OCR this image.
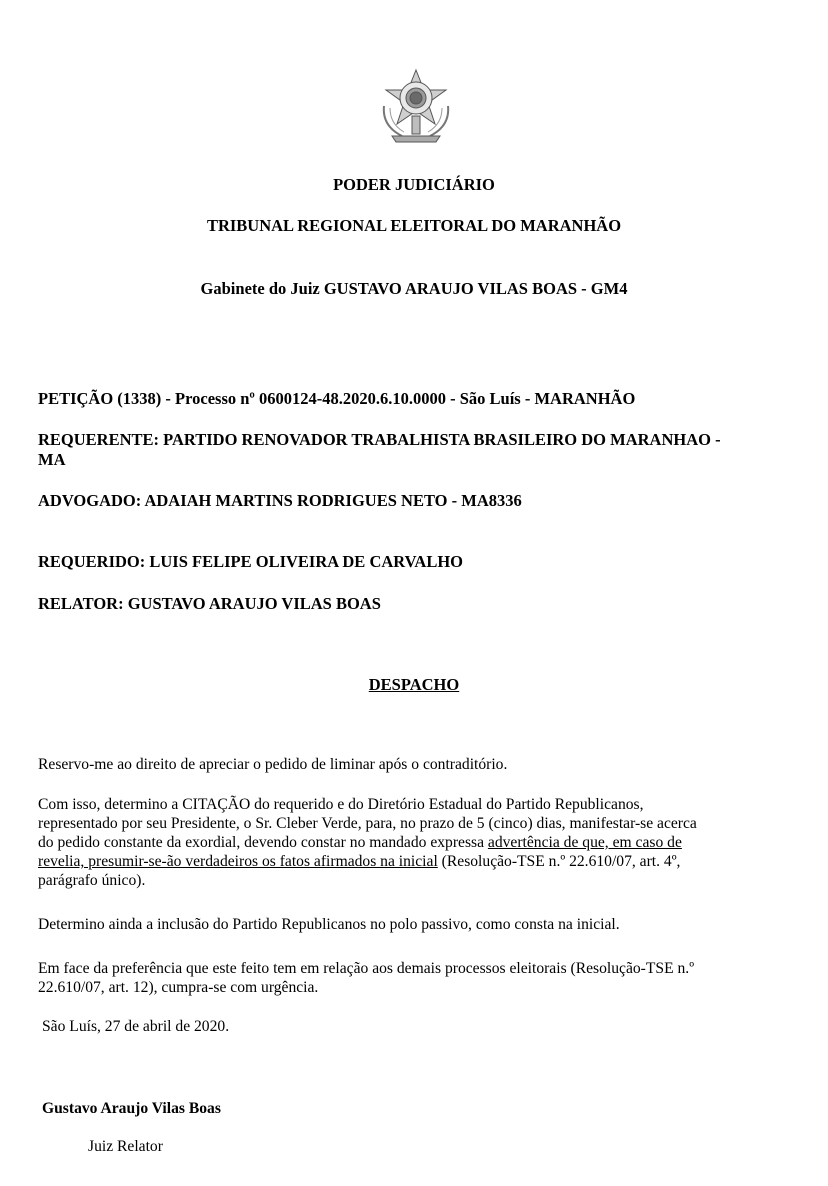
PODER JUDICIÁRIO
TRIBUNAL REGIONAL ELEITORAL DO MARANHÃO
Gabinete do Juiz GUSTAVO ARAUJO VILAS BOAS - GM4
PETIÇÃO (1338) - Processo nº 0600124-48.2020.6.10.0000 - São Luís - MARANHÃO
REQUERENTE: PARTIDO RENOVADOR TRABALHISTA BRASILEIRO DO MARANHAO -
MA
ADVOGADO: ADAIAH MARTINS RODRIGUES NETO - MA8336
REQUERIDO: LUIS FELIPE OLIVEIRA DE CARVALHO
RELATOR: GUSTAVO ARAUJO VILAS BOAS
DESPACHO
Reservo-me ao direito de apreciar o pedido de liminar após o contraditório.
Com isso, determino a CITAÇÃO do requerido e do Diretório Estadual do Partido Republicanos,
representado por seu Presidente, o Sr. Cleber Verde, para, no prazo de 5 (cinco) dias, manifestar-se acerca
do pedido constante da exordial, devendo constar no mandado expressa advertência de que, em caso de
revelia, presumir-se-ão verdadeiros os fatos afirmados na inicial (Resolução-TSE n.º 22.610/07, art. 4º,
parágrafo único).
Determino ainda a inclusão do Partido Republicanos no polo passivo, como consta na inicial.
Em face da preferência que este feito tem em relação aos demais processos eleitorais (Resolução-TSE n.º
22.610/07, art. 12), cumpra-se com urgência.
São Luís, 27 de abril de 2020.
Gustavo Araujo Vilas Boas
Juiz Relator
